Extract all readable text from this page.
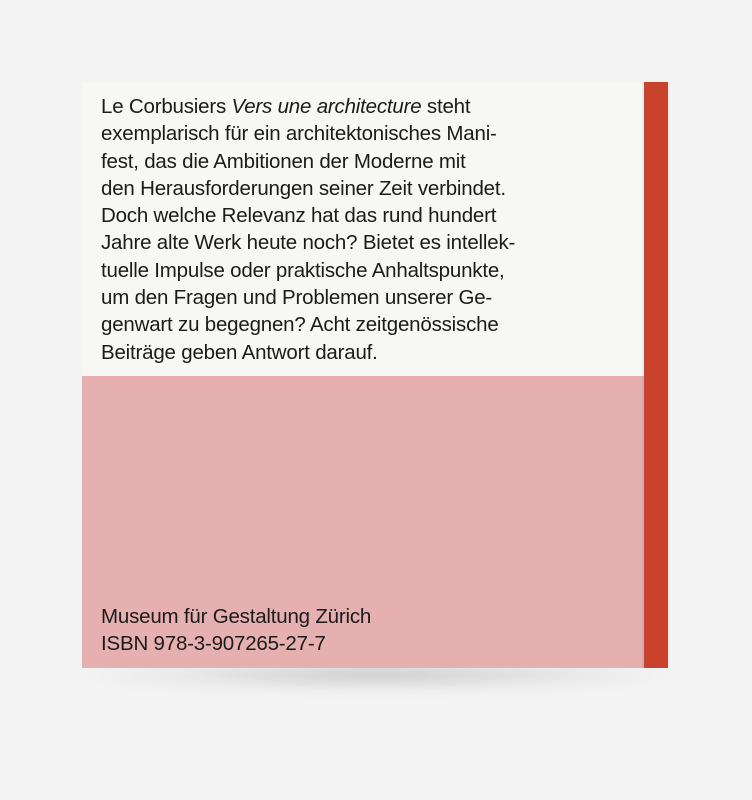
Le Corbusiers Vers une architecture steht
exemplarisch für ein architektonisches Mani-
fest, das die Ambitionen der Moderne mit
den Herausforderungen seiner Zeit verbindet.
Doch welche Relevanz hat das rund hundert
Jahre alte Werk heute noch? Bietet es intellek-
tuelle Impulse oder praktische Anhaltspunkte,
um den Fragen und Problemen unserer Ge-
genwart zu begegnen? Acht zeitgenössische
Beiträge geben Antwort darauf.

Museum für Gestaltung Zürich
ISBN 978-3-907265-27-7
